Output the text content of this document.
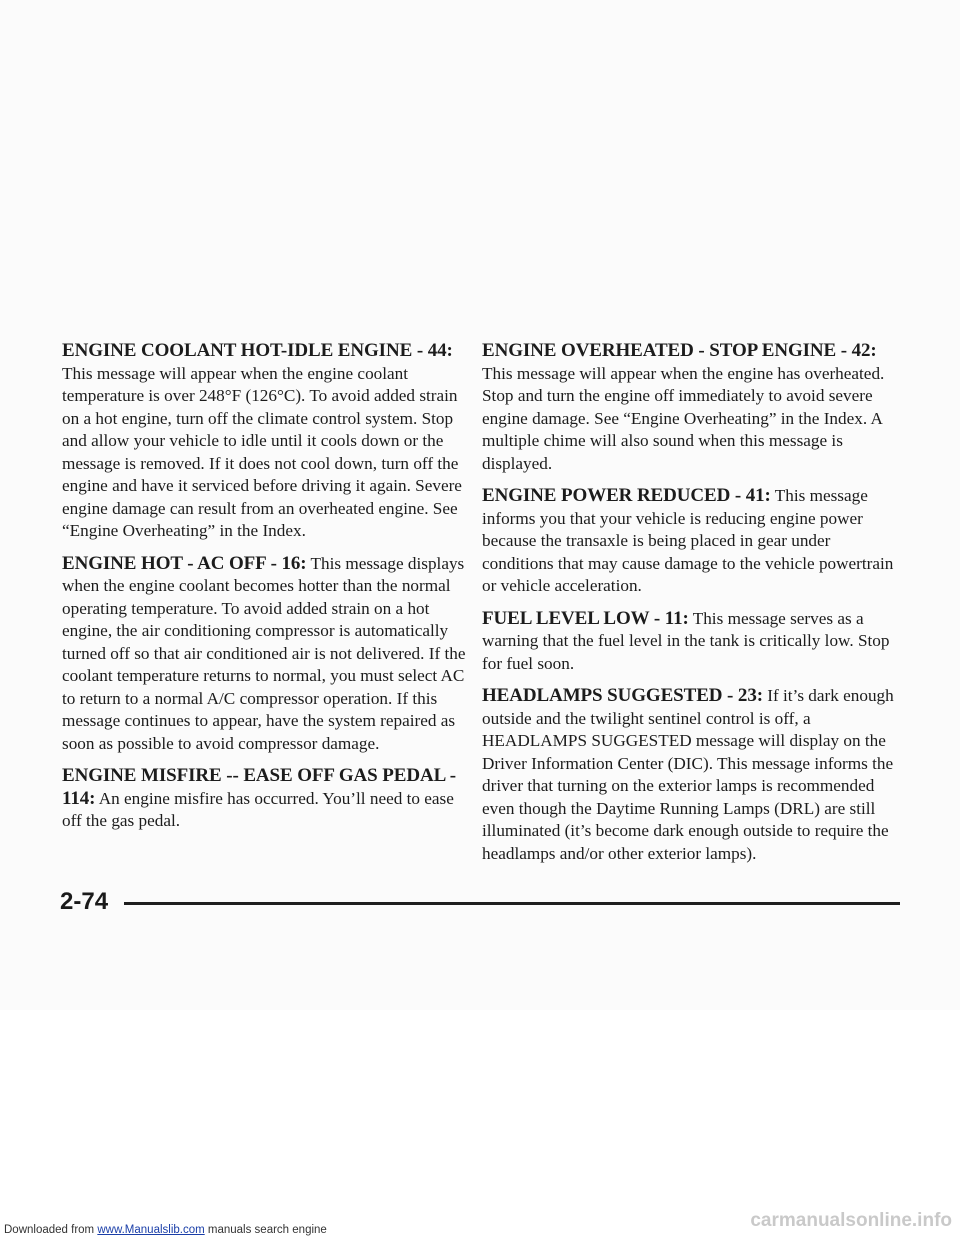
ENGINE COOLANT HOT-IDLE ENGINE - 44: This message will appear when the engine coolant temperature is over 248°F (126°C). To avoid added strain on a hot engine, turn off the climate control system. Stop and allow your vehicle to idle until it cools down or the message is removed. If it does not cool down, turn off the engine and have it serviced before driving it again. Severe engine damage can result from an overheated engine. See “Engine Overheating” in the Index.

ENGINE HOT - AC OFF - 16: This message displays when the engine coolant becomes hotter than the normal operating temperature. To avoid added strain on a hot engine, the air conditioning compressor is automatically turned off so that air conditioned air is not delivered. If the coolant temperature returns to normal, you must select AC to return to a normal A/C compressor operation. If this message continues to appear, have the system repaired as soon as possible to avoid compressor damage.

ENGINE MISFIRE -- EASE OFF GAS PEDAL - 114: An engine misfire has occurred. You’ll need to ease off the gas pedal.

ENGINE OVERHEATED - STOP ENGINE - 42:
This message will appear when the engine has overheated. Stop and turn the engine off immediately to avoid severe engine damage. See “Engine Overheating” in the Index. A multiple chime will also sound when this message is displayed.

ENGINE POWER REDUCED - 41: This message informs you that your vehicle is reducing engine power because the transaxle is being placed in gear under conditions that may cause damage to the vehicle powertrain or vehicle acceleration.

FUEL LEVEL LOW - 11: This message serves as a warning that the fuel level in the tank is critically low. Stop for fuel soon.

HEADLAMPS SUGGESTED - 23: If it’s dark enough outside and the twilight sentinel control is off, a HEADLAMPS SUGGESTED message will display on the Driver Information Center (DIC). This message informs the driver that turning on the exterior lamps is recommended even though the Daytime Running Lamps (DRL) are still illuminated (it’s become dark enough outside to require the headlamps and/or other exterior lamps).

2-74
Downloaded from www.Manualslib.com manuals search engine	carmanualsonline.info
